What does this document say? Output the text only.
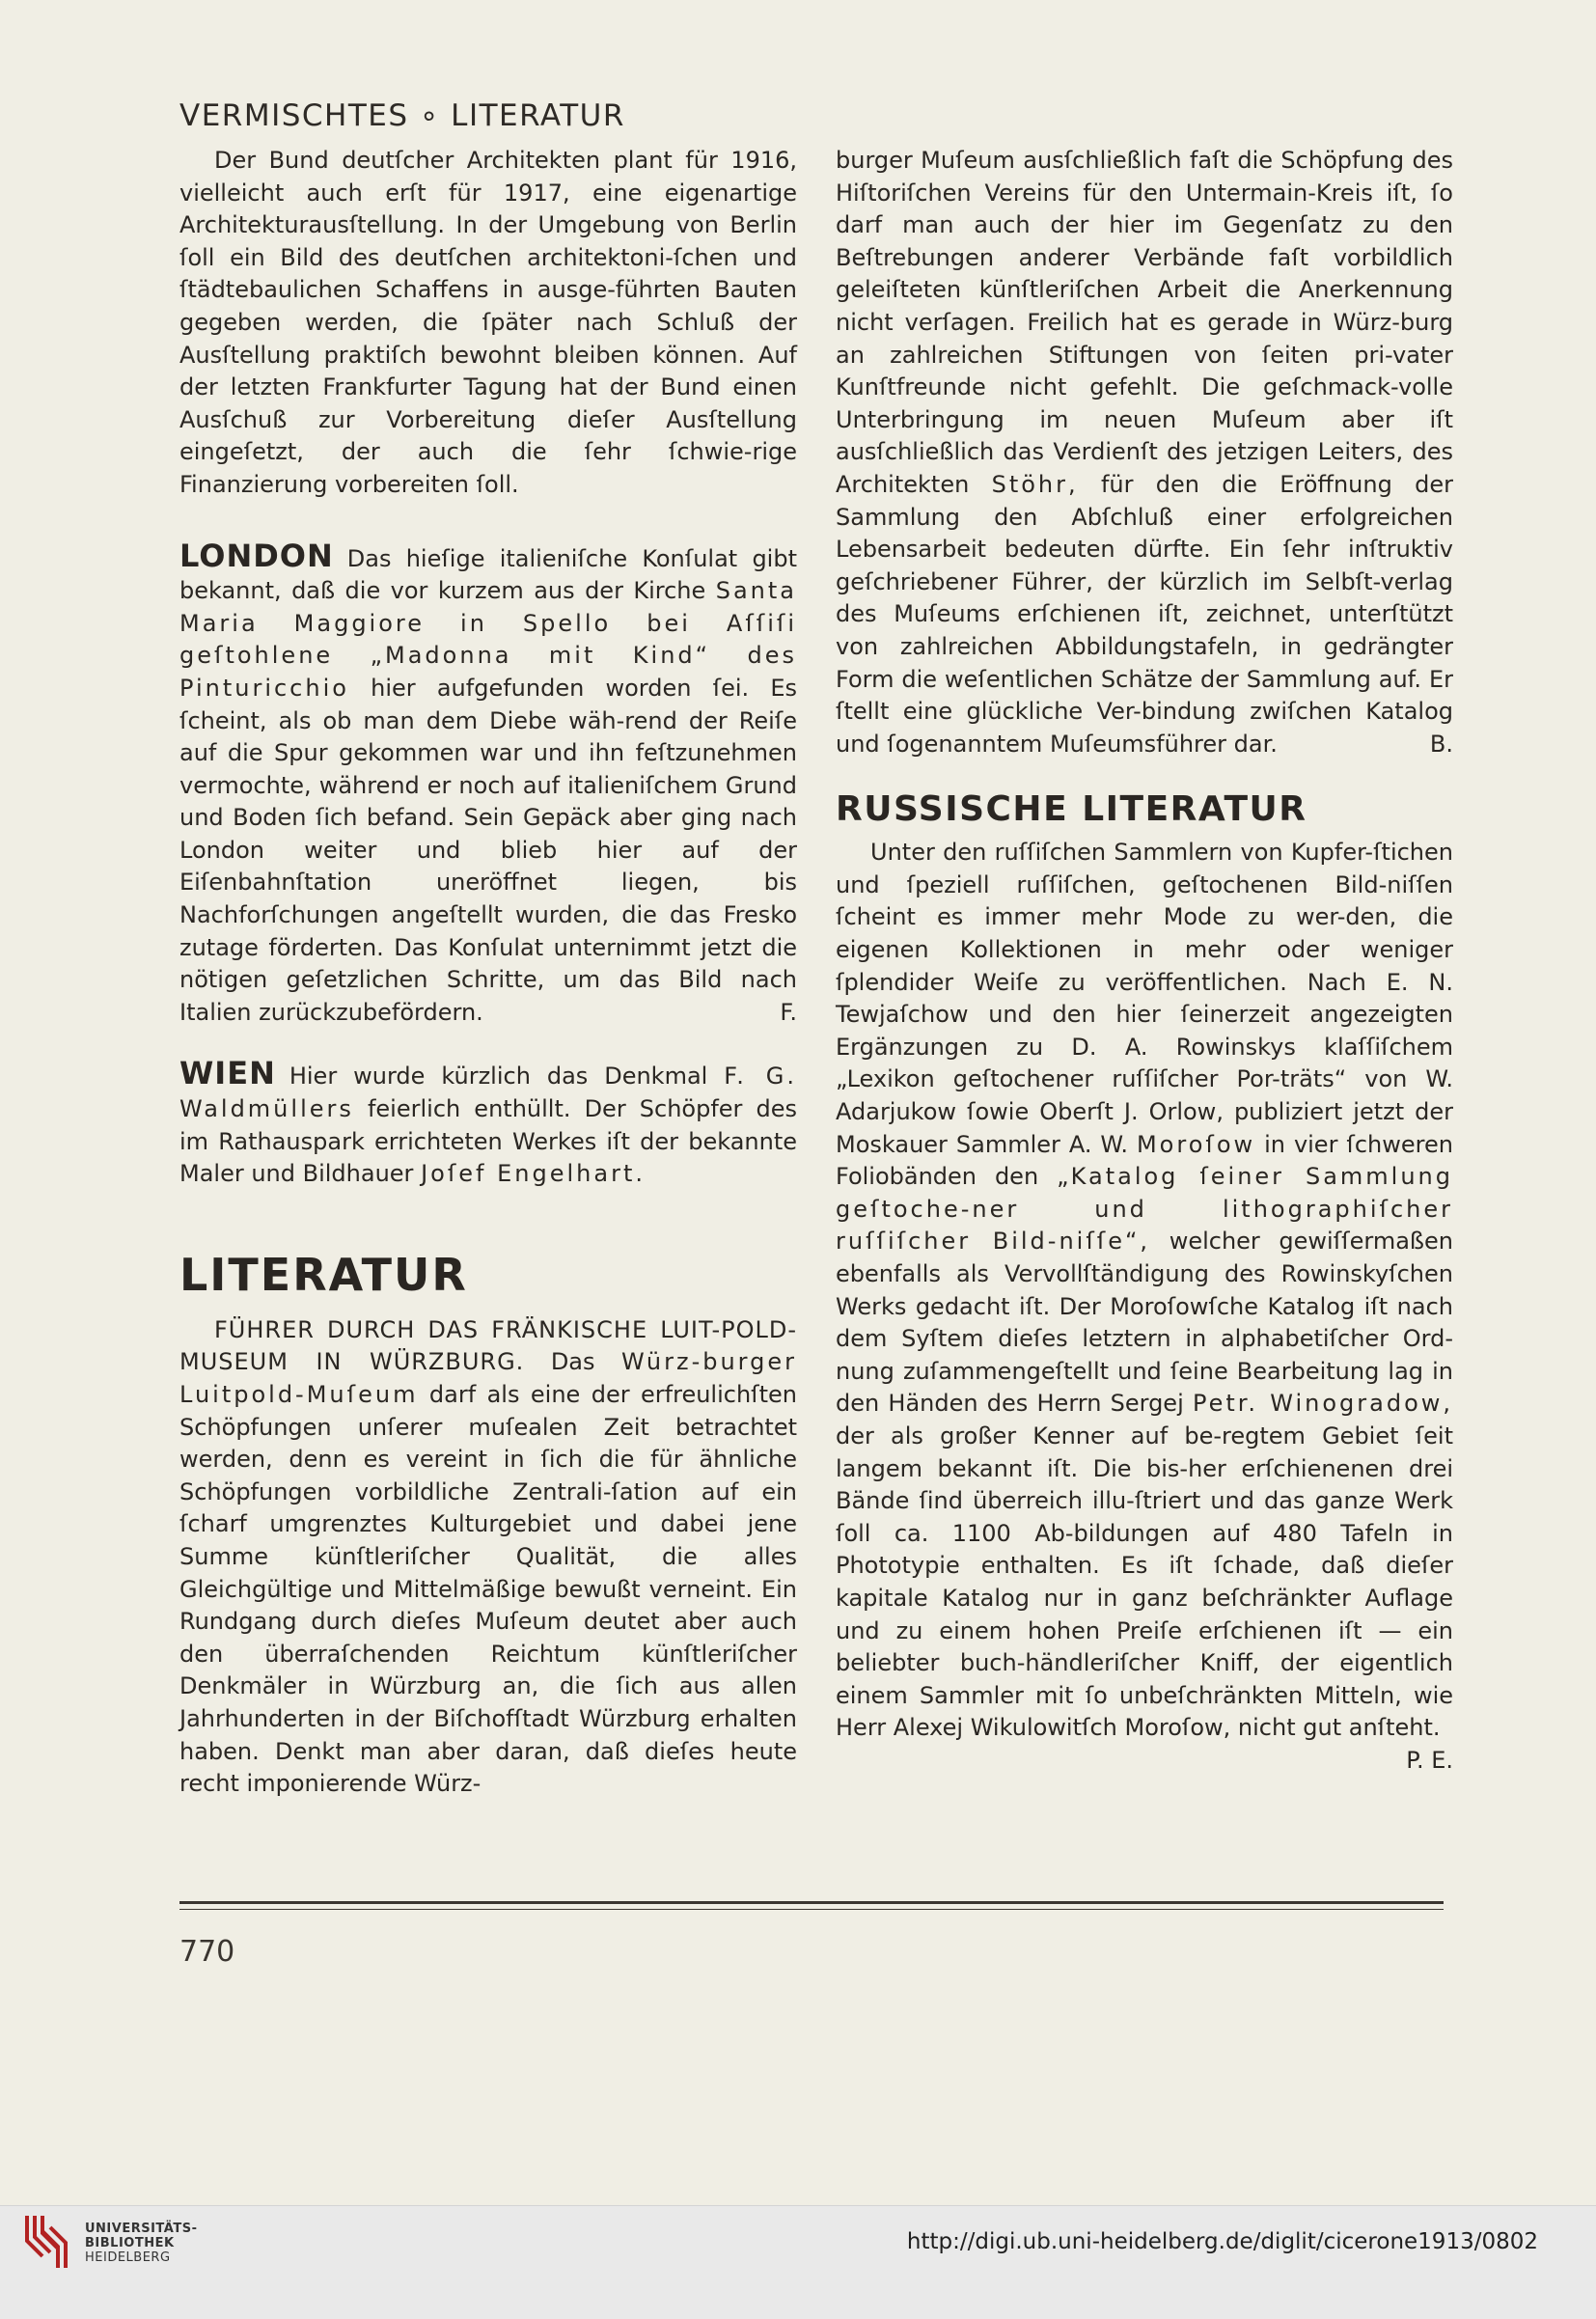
VERMISCHTES ∘ LITERATUR

Der Bund deutſcher Architekten plant für 1916, vielleicht auch erſt für 1917, eine eigenartige Architekturausſtellung. In der Umgebung von Berlin ſoll ein Bild des deutſchen architektoni-ſchen und ſtädtebaulichen Schaffens in ausge-führten Bauten gegeben werden, die ſpäter nach Schluß der Ausſtellung praktiſch bewohnt bleiben können. Auf der letzten Frankfurter Tagung hat der Bund einen Ausſchuß zur Vorbereitung dieſer Ausſtellung eingeſetzt, der auch die ſehr ſchwie-rige Finanzierung vorbereiten ſoll.

LONDON Das hieſige italieniſche Konſulat gibt bekannt, daß die vor kurzem aus der Kirche Santa Maria Maggiore in Spello bei Aſſiſi geſtohlene „Madonna mit Kind“ des Pinturicchio hier aufgefunden worden ſei. Es ſcheint, als ob man dem Diebe wäh-rend der Reiſe auf die Spur gekommen war und ihn feſtzunehmen vermochte, während er noch auf italieniſchem Grund und Boden ſich befand. Sein Gepäck aber ging nach London weiter und blieb hier auf der Eiſenbahnſtation uneröffnet liegen, bis Nachforſchungen angeſtellt wurden, die das Fresko zutage förderten. Das Konſulat unternimmt jetzt die nötigen geſetzlichen Schritte, um das Bild nach Italien zurückzubefördern.	F.

WIEN Hier wurde kürzlich das Denkmal F. G. Waldmüllers feierlich enthüllt. Der Schöpfer des im Rathauspark errichteten Werkes iſt der bekannte Maler und Bildhauer Joſef Engelhart.

LITERATUR

FÜHRER DURCH DAS FRÄNKISCHE LUIT-POLD-MUSEUM IN WÜRZBURG. Das Würz-burger Luitpold-Muſeum darf als eine der erfreulichſten Schöpfungen unſerer muſealen Zeit betrachtet werden, denn es vereint in ſich die für ähnliche Schöpfungen vorbildliche Zentrali-ſation auf ein ſcharf umgrenztes Kulturgebiet und dabei jene Summe künſtleriſcher Qualität, die alles Gleichgültige und Mittelmäßige bewußt verneint. Ein Rundgang durch dieſes Muſeum deutet aber auch den überraſchenden Reichtum künſtleriſcher Denkmäler in Würzburg an, die ſich aus allen Jahrhunderten in der Biſchofſtadt Würzburg erhalten haben. Denkt man aber daran, daß dieſes heute recht imponierende Würz-

burger Muſeum ausſchließlich faſt die Schöpfung des Hiſtoriſchen Vereins für den Untermain-Kreis iſt, ſo darf man auch der hier im Gegenſatz zu den Beſtrebungen anderer Verbände faſt vorbildlich geleiſteten künſtleriſchen Arbeit die Anerkennung nicht verſagen. Freilich hat es gerade in Würz-burg an zahlreichen Stiftungen von ſeiten pri-vater Kunſtfreunde nicht gefehlt. Die geſchmack-volle Unterbringung im neuen Muſeum aber iſt ausſchließlich das Verdienſt des jetzigen Leiters, des Architekten Stöhr, für den die Eröffnung der Sammlung den Abſchluß einer erfolgreichen Lebensarbeit bedeuten dürfte. Ein ſehr inſtruktiv geſchriebener Führer, der kürzlich im Selbſt-verlag des Muſeums erſchienen iſt, zeichnet, unterſtützt von zahlreichen Abbildungstafeln, in gedrängter Form die weſentlichen Schätze der Sammlung auf. Er ſtellt eine glückliche Ver-bindung zwiſchen Katalog und ſogenanntem Muſeumsführer dar.	B.

RUSSISCHE LITERATUR

Unter den ruſſiſchen Sammlern von Kupfer-ſtichen und ſpeziell ruſſiſchen, geſtochenen Bild-niſſen ſcheint es immer mehr Mode zu wer-den, die eigenen Kollektionen in mehr oder weniger ſplendider Weiſe zu veröffentlichen. Nach E. N. Tewjaſchow und den hier ſeinerzeit angezeigten Ergänzungen zu D. A. Rowinskys klaſſiſchem „Lexikon geſtochener ruſſiſcher Por-träts“ von W. Adarjukow ſowie Oberſt J. Orlow, publiziert jetzt der Moskauer Sammler A. W. Moroſow in vier ſchweren Foliobänden den „Katalog ſeiner Sammlung geſtoche-ner und lithographiſcher ruſſiſcher Bild-niſſe“, welcher gewiſſermaßen ebenfalls als Vervollſtändigung des Rowinskyſchen Werks gedacht iſt. Der Moroſowſche Katalog iſt nach dem Syſtem dieſes letztern in alphabetiſcher Ord-nung zuſammengeſtellt und ſeine Bearbeitung lag in den Händen des Herrn Sergej Petr. Winogradow, der als großer Kenner auf be-regtem Gebiet ſeit langem bekannt iſt. Die bis-her erſchienenen drei Bände ſind überreich illu-ſtriert und das ganze Werk ſoll ca. 1100 Ab-bildungen auf 480 Tafeln in Phototypie enthalten. Es iſt ſchade, daß dieſer kapitale Katalog nur in ganz beſchränkter Auflage und zu einem hohen Preiſe erſchienen iſt — ein beliebter buch-händleriſcher Kniff, der eigentlich einem Sammler mit ſo unbeſchränkten Mitteln, wie Herr Alexej Wikulowitſch Moroſow, nicht gut anſteht.
P. E.

770
UNIVERSITÄTS-
BIBLIOTHEK
HEIDELBERG
http://digi.ub.uni-heidelberg.de/diglit/cicerone1913/0802
